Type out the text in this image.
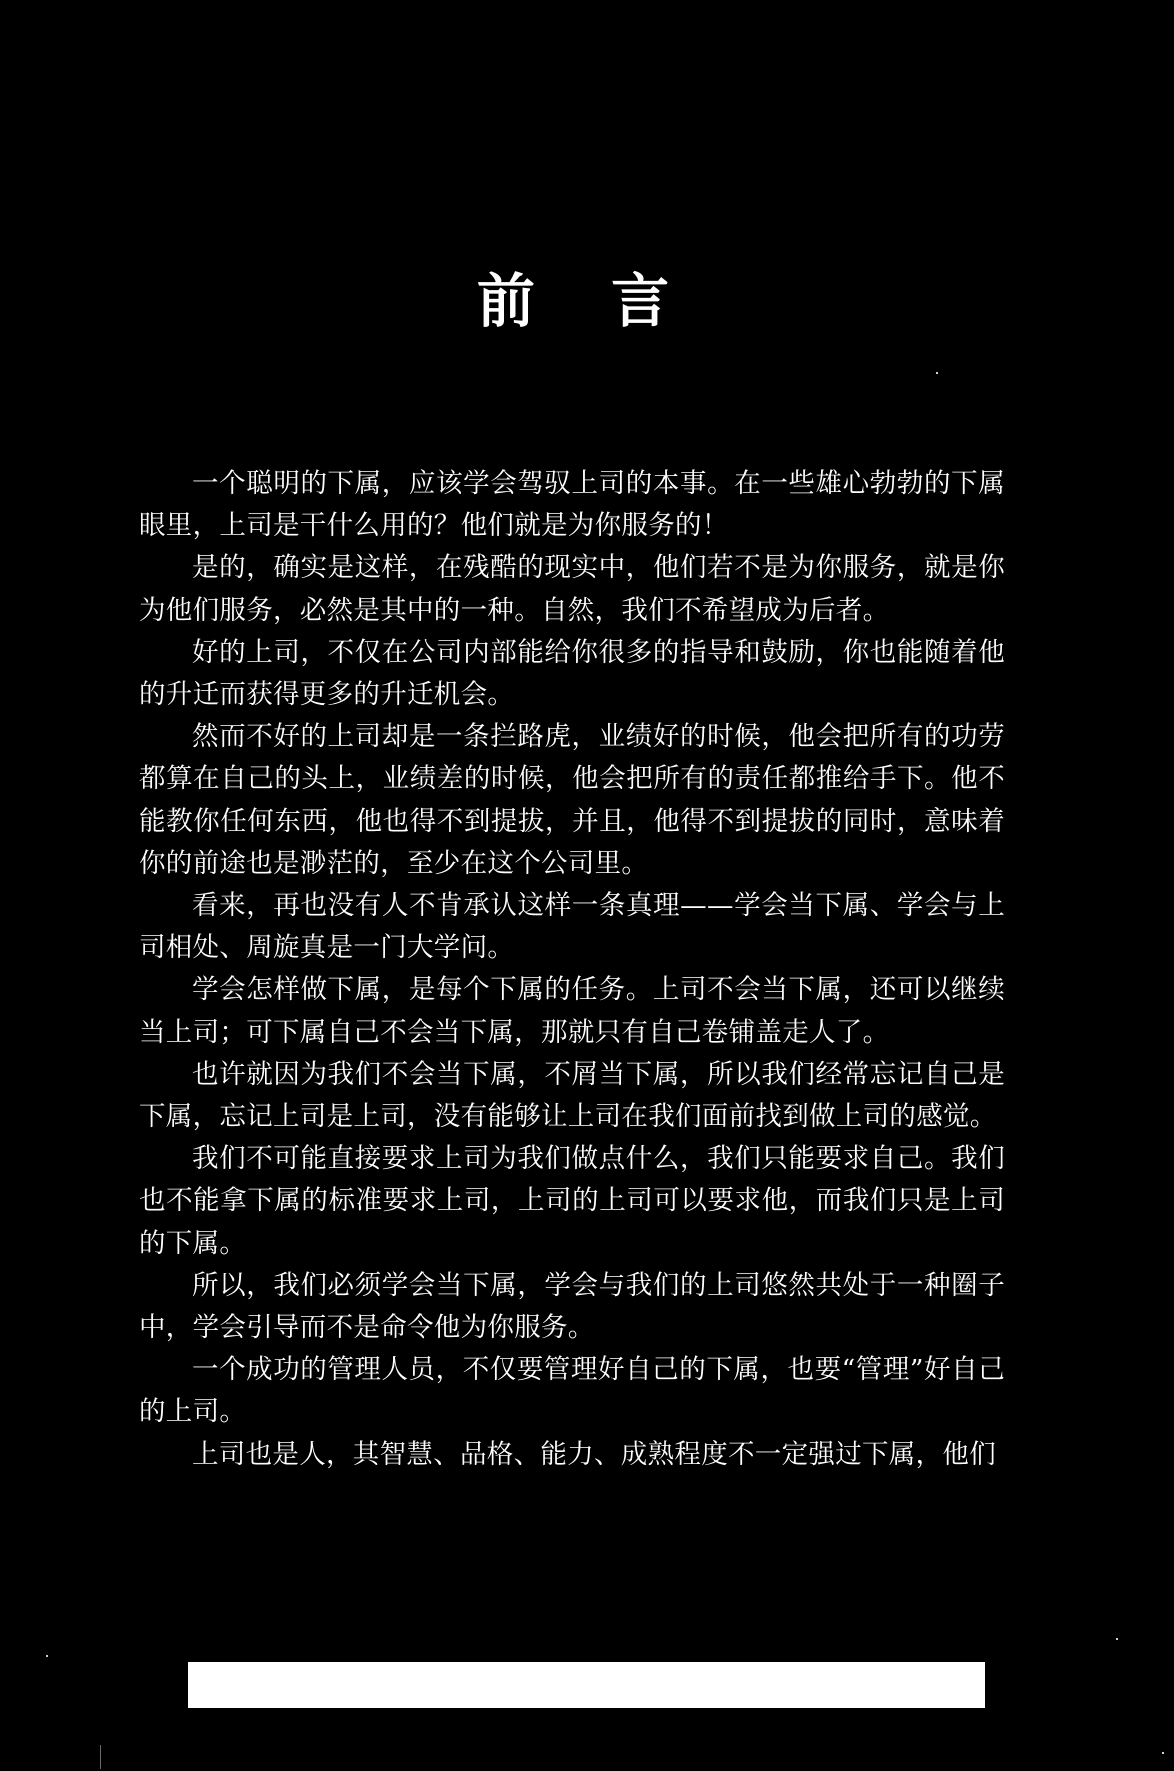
前 言

一个聪明的下属，应该学会驾驭上司的本事。在一些雄心勃勃的下属眼里，上司是干什么用的？他们就是为你服务的！

是的，确实是这样，在残酷的现实中，他们若不是为你服务，就是你为他们服务，必然是其中的一种。自然，我们不希望成为后者。

好的上司，不仅在公司内部能给你很多的指导和鼓励，你也能随着他的升迁而获得更多的升迁机会。

然而不好的上司却是一条拦路虎，业绩好的时候，他会把所有的功劳都算在自己的头上，业绩差的时候，他会把所有的责任都推给手下。他不能教你任何东西，他也得不到提拔，并且，他得不到提拔的同时，意味着你的前途也是渺茫的，至少在这个公司里。

看来，再也没有人不肯承认这样一条真理——学会当下属、学会与上司相处、周旋真是一门大学问。

学会怎样做下属，是每个下属的任务。上司不会当下属，还可以继续当上司；可下属自己不会当下属，那就只有自己卷铺盖走人了。

也许就因为我们不会当下属，不屑当下属，所以我们经常忘记自己是下属，忘记上司是上司，没有能够让上司在我们面前找到做上司的感觉。

我们不可能直接要求上司为我们做点什么，我们只能要求自己。我们也不能拿下属的标准要求上司，上司的上司可以要求他，而我们只是上司的下属。

所以，我们必须学会当下属，学会与我们的上司悠然共处于一种圈子中，学会引导而不是命令他为你服务。

一个成功的管理人员，不仅要管理好自己的下属，也要“管理”好自己的上司。

上司也是人，其智慧、品格、能力、成熟程度不一定强过下属，他们
